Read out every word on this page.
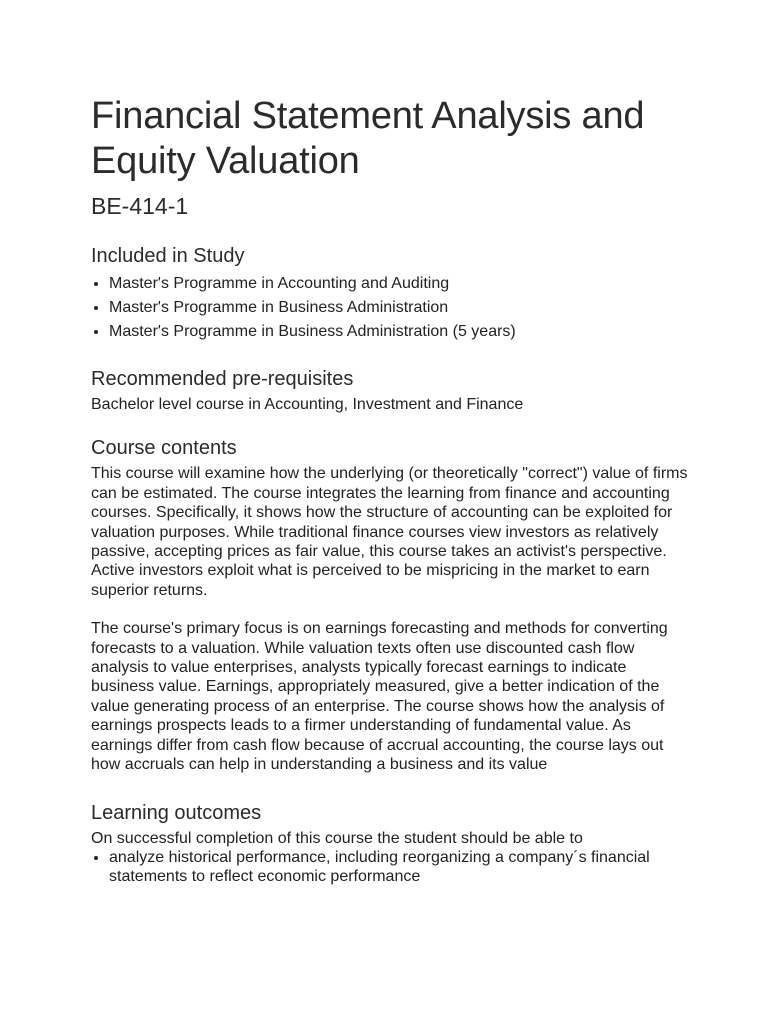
Financial Statement Analysis and Equity Valuation
BE-414-1
Included in Study
Master's Programme in Accounting and Auditing
Master's Programme in Business Administration
Master's Programme in Business Administration (5 years)
Recommended pre-requisites

Bachelor level course in Accounting, Investment and Finance

Course contents

This course will examine how the underlying (or theoretically "correct") value of firms can be estimated. The course integrates the learning from finance and accounting courses. Specifically, it shows how the structure of accounting can be exploited for valuation purposes. While traditional finance courses view investors as relatively passive, accepting prices as fair value, this course takes an activist's perspective. Active investors exploit what is perceived to be mispricing in the market to earn superior returns.

The course's primary focus is on earnings forecasting and methods for converting forecasts to a valuation. While valuation texts often use discounted cash flow analysis to value enterprises, analysts typically forecast earnings to indicate business value. Earnings, appropriately measured, give a better indication of the value generating process of an enterprise. The course shows how the analysis of earnings prospects leads to a firmer understanding of fundamental value. As earnings differ from cash flow because of accrual accounting, the course lays out how accruals can help in understanding a business and its value

Learning outcomes

On successful completion of this course the student should be able to

analyze historical performance, including reorganizing a company´s financial statements to reflect economic performance
